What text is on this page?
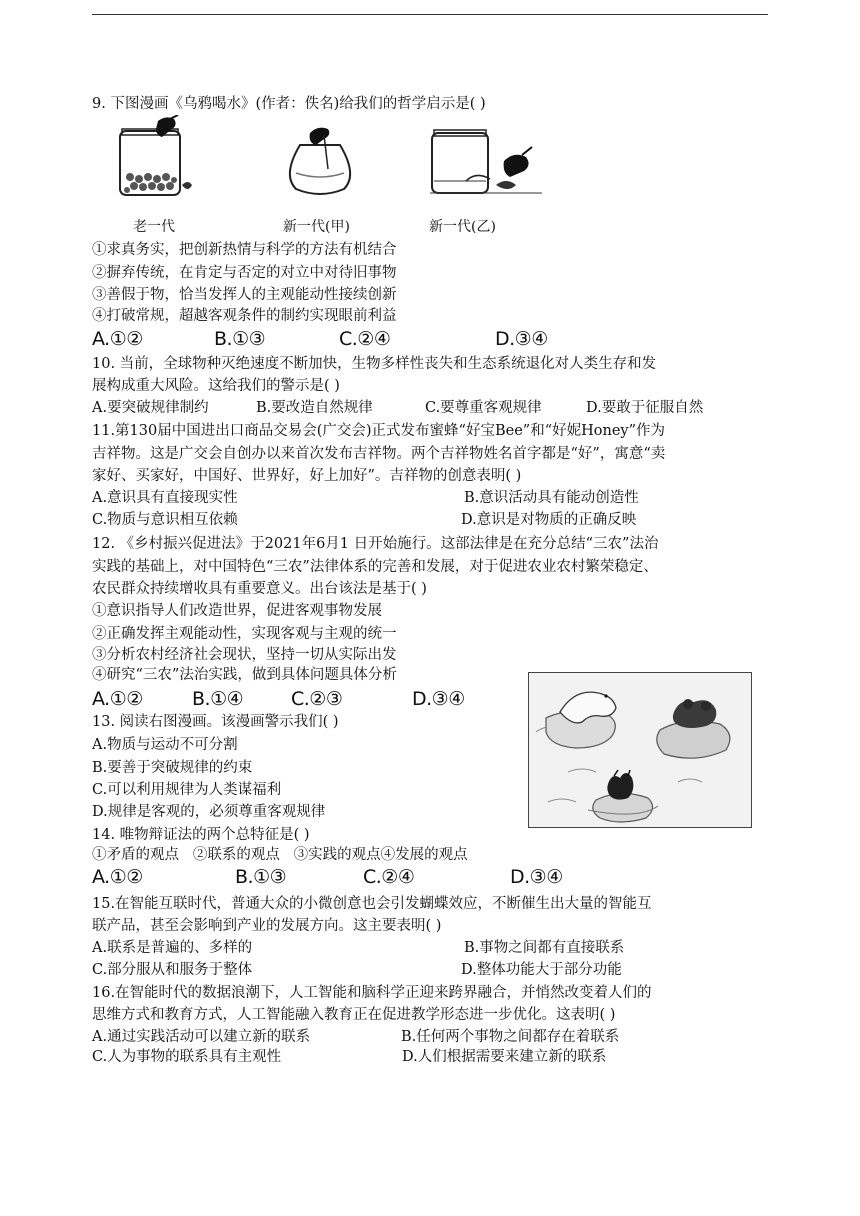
9. 下图漫画《乌鸦喝水》(作者：佚名)给我们的哲学启示是( )
老一代	新一代(甲)	新一代(乙)
①求真务实，把创新热情与科学的方法有机结合
②摒弃传统，在肯定与否定的对立中对待旧事物
③善假于物，恰当发挥人的主观能动性接续创新
④打破常规，超越客观条件的制约实现眼前利益
A.①②	B.①③	C.②④	D.③④
10. 当前，全球物种灭绝速度不断加快，生物多样性丧失和生态系统退化对人类生存和发
展构成重大风险。这给我们的警示是( )
A.要突破规律制约	B.要改造自然规律	C.要尊重客观规律	D.要敢于征服自然
11.第130届中国进出口商品交易会(广交会)正式发布蜜蜂“好宝Bee”和“好妮Honey”作为
吉祥物。这是广交会自创办以来首次发布吉祥物。两个吉祥物姓名首字都是“好”，寓意“卖
家好、买家好，中国好、世界好，好上加好”。吉祥物的创意表明( )
A.意识具有直接现实性	B.意识活动具有能动创造性
C.物质与意识相互依赖	D.意识是对物质的正确反映
12. 《乡村振兴促进法》于2021年6月1 日开始施行。这部法律是在充分总结“三农”法治
实践的基础上，对中国特色“三农”法律体系的完善和发展，对于促进农业农村繁荣稳定、
农民群众持续增收具有重要意义。出台该法是基于( )
①意识指导人们改造世界，促进客观事物发展
②正确发挥主观能动性，实现客观与主观的统一
③分析农村经济社会现状，坚持一切从实际出发
④研究“三农”法治实践，做到具体问题具体分析
A.①②	B.①④	C.②③	D.③④
13. 阅读右图漫画。该漫画警示我们( )
A.物质与运动不可分割
B.要善于突破规律的约束
C.可以利用规律为人类谋福利
D.规律是客观的，必须尊重客观规律
14. 唯物辩证法的两个总特征是( )
①矛盾的观点   ②联系的观点   ③实践的观点④发展的观点
A.①②	B.①③	C.②④	D.③④
15.在智能互联时代，普通大众的小微创意也会引发蝴蝶效应，不断催生出大量的智能互
联产品，甚至会影响到产业的发展方向。这主要表明( )
A.联系是普遍的、多样的	B.事物之间都有直接联系
C.部分服从和服务于整体	D.整体功能大于部分功能
16.在智能时代的数据浪潮下，人工智能和脑科学正迎来跨界融合，并悄然改变着人们的
思维方式和教育方式，人工智能融入教育正在促进教学形态进一步优化。这表明( )
A.通过实践活动可以建立新的联系	B.任何两个事物之间都存在着联系
C.人为事物的联系具有主观性	D.人们根据需要来建立新的联系
